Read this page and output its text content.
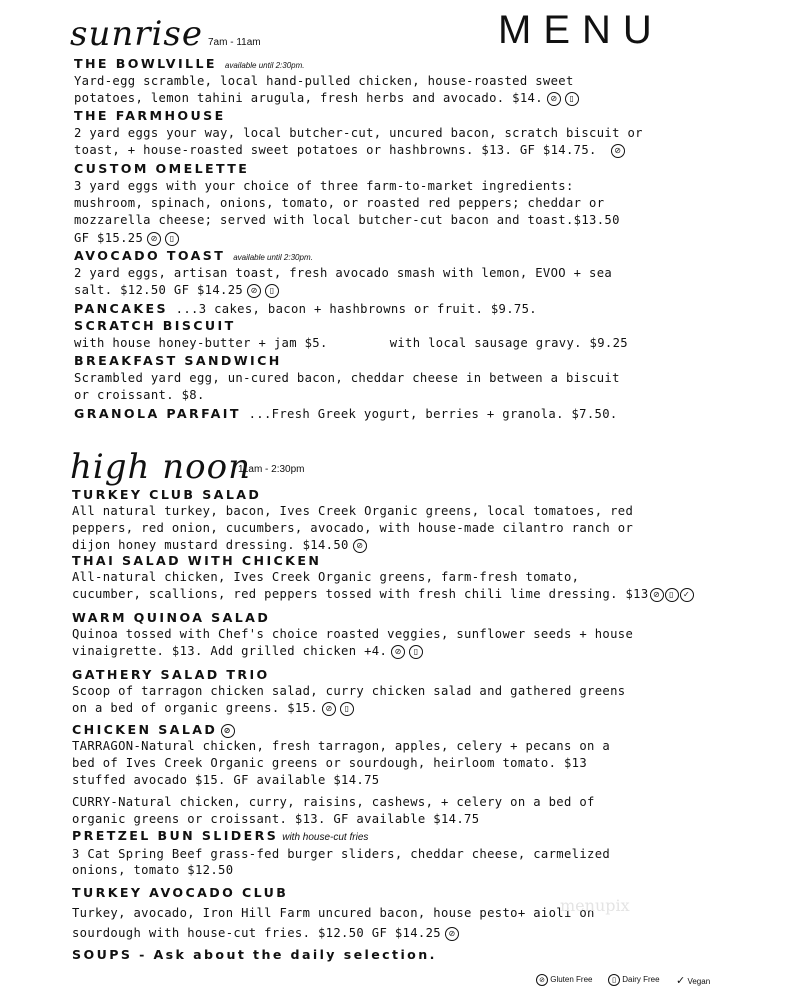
MENU
sunrise 7am - 11am
THE BOWLVILLE available until 2:30pm.
Yard-egg scramble, local hand-pulled chicken, house-roasted sweet
potatoes, lemon tahini arugula, fresh herbs and avocado. $14. ⊘ ▯
THE FARMHOUSE
2 yard eggs your way, local butcher-cut, uncured bacon, scratch biscuit or
toast, + house-roasted sweet potatoes or hashbrowns. $13. GF $14.75. ⊘
CUSTOM OMELETTE
3 yard eggs with your choice of three farm-to-market ingredients:
mushroom, spinach, onions, tomato, or roasted red peppers; cheddar or
mozzarella cheese; served with local butcher-cut bacon and toast.$13.50
GF $15.25 ⊘ ▯
AVOCADO TOAST available until 2:30pm.
2 yard eggs, artisan toast, fresh avocado smash with lemon, EVOO + sea
salt. $12.50 GF $14.25 ⊘ ▯
PANCAKES ...3 cakes, bacon + hashbrowns or fruit. $9.75.
SCRATCH BISCUIT
with house honey-butter + jam $5.	with local sausage gravy. $9.25
BREAKFAST SANDWICH
Scrambled yard egg, un-cured bacon, cheddar cheese in between a biscuit
or croissant. $8.
GRANOLA PARFAIT ...Fresh Greek yogurt, berries + granola. $7.50.
high noon
11am - 2:30pm
TURKEY CLUB SALAD
All natural turkey, bacon, Ives Creek Organic greens, local tomatoes, red
peppers, red onion, cucumbers, avocado, with house-made cilantro ranch or
dijon honey mustard dressing. $14.50 ⊘
THAI SALAD WITH CHICKEN
All-natural chicken, Ives Creek Organic greens, farm-fresh tomato,
cucumber, scallions, red peppers tossed with fresh chili lime dressing. $13 ⊘ ▯ ✓
WARM QUINOA SALAD
Quinoa tossed with Chef's choice roasted veggies, sunflower seeds + house
vinaigrette. $13. Add grilled chicken +4. ⊘ ▯
GATHERY SALAD TRIO
Scoop of tarragon chicken salad, curry chicken salad and gathered greens
on a bed of organic greens. $15. ⊘ ▯
CHICKEN SALAD ⊘
TARRAGON-Natural chicken, fresh tarragon, apples, celery + pecans on a
bed of Ives Creek Organic greens or sourdough, heirloom tomato. $13
stuffed avocado $15. GF available $14.75
CURRY-Natural chicken, curry, raisins, cashews, + celery on a bed of
organic greens or croissant. $13. GF available $14.75
PRETZEL BUN SLIDERS with house-cut fries
3 Cat Spring Beef grass-fed burger sliders, cheddar cheese, carmelized
onions, tomato $12.50
TURKEY AVOCADO CLUB
Turkey, avocado, Iron Hill Farm uncured bacon, house pesto+ aioli on
sourdough with house-cut fries. $12.50 GF $14.25 ⊘
SOUPS - Ask about the daily selection.
menupix
⊘ Gluten Free	▯ Dairy Free ✓ Vegan
